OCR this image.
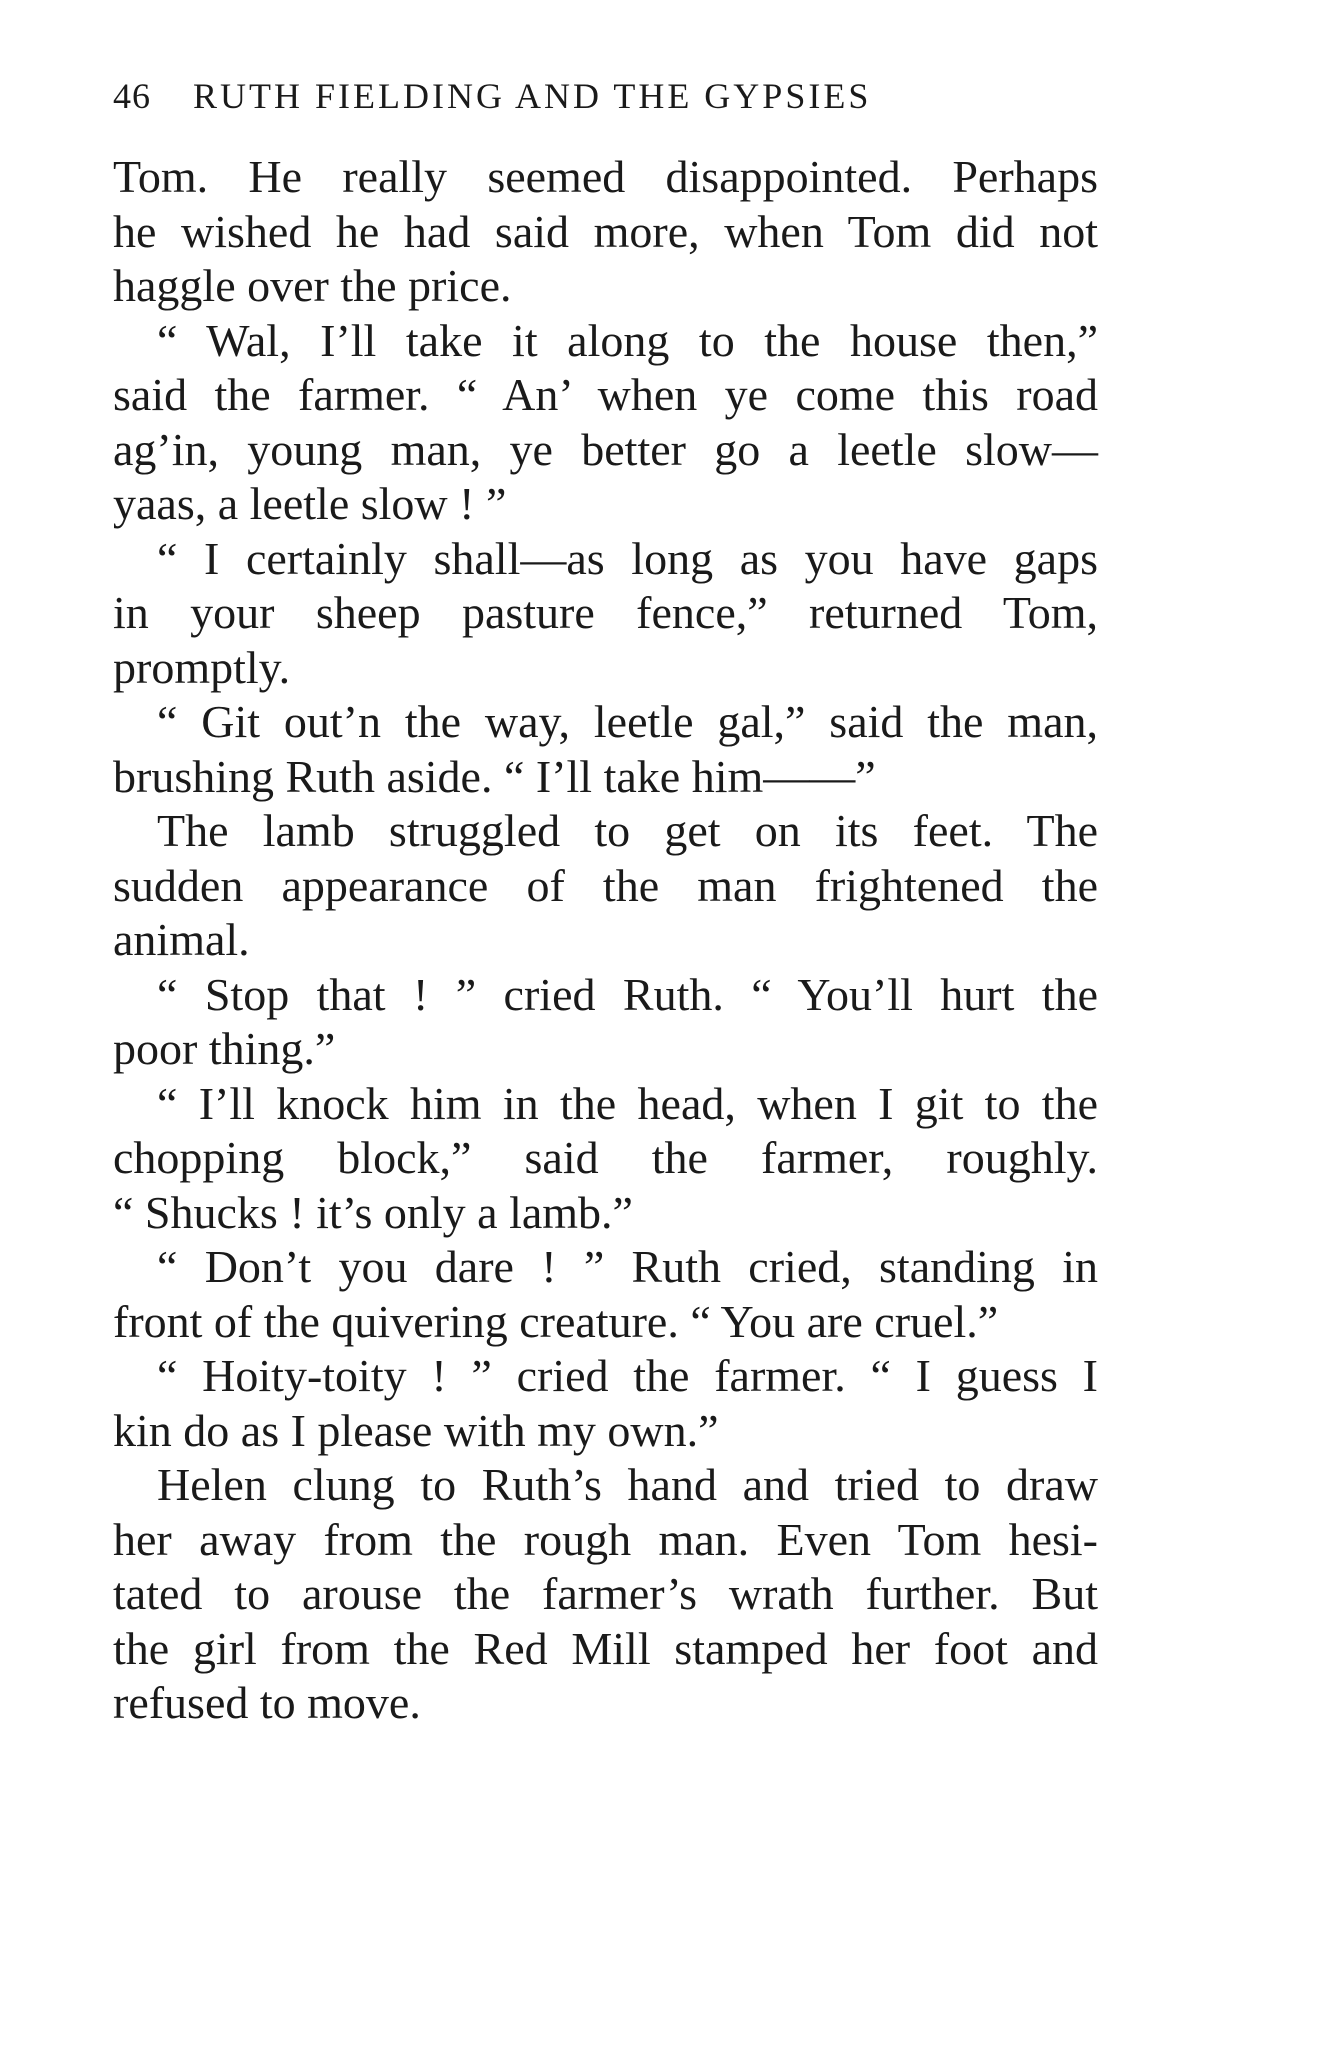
46 RUTH FIELDING AND THE GYPSIES
Tom. He really seemed disappointed. Perhaps
he wished he had said more, when Tom did not
haggle over the price.
“ Wal, I’ll take it along to the house then,”
said the farmer. “ An’ when ye come this road
ag’in, young man, ye better go a leetle slow—
yaas, a leetle slow ! ”
“ I certainly shall—as long as you have gaps
in your sheep pasture fence,” returned Tom,
promptly.
“ Git out’n the way, leetle gal,” said the man,
brushing Ruth aside. “ I’ll take him——”
The lamb struggled to get on its feet. The
sudden appearance of the man frightened the
animal.
“ Stop that ! ” cried Ruth. “ You’ll hurt the
poor thing.”
“ I’ll knock him in the head, when I git to the
chopping block,” said the farmer, roughly.
“ Shucks ! it’s only a lamb.”
“ Don’t you dare ! ” Ruth cried, standing in
front of the quivering creature. “ You are cruel.”
“ Hoity-toity ! ” cried the farmer. “ I guess I
kin do as I please with my own.”
Helen clung to Ruth’s hand and tried to draw
her away from the rough man. Even Tom hesi-
tated to arouse the farmer’s wrath further. But
the girl from the Red Mill stamped her foot and
refused to move.
